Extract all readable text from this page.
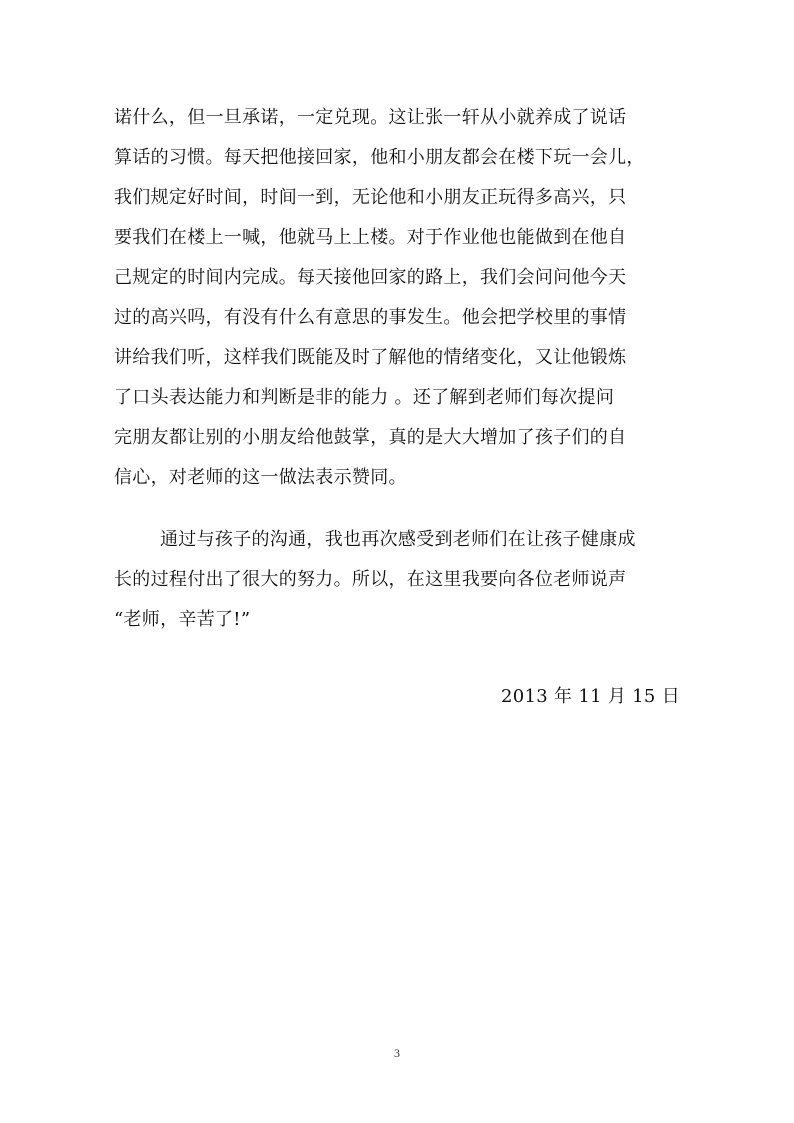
诺什么，但一旦承诺，一定兑现。这让张一轩从小就养成了说话
算话的习惯。每天把他接回家，他和小朋友都会在楼下玩一会儿，
我们规定好时间，时间一到，无论他和小朋友正玩得多高兴，只
要我们在楼上一喊，他就马上上楼。对于作业他也能做到在他自
己规定的时间内完成。每天接他回家的路上，我们会问问他今天
过的高兴吗，有没有什么有意思的事发生。他会把学校里的事情
讲给我们听，这样我们既能及时了解他的情绪变化，又让他锻炼
了口头表达能力和判断是非的能力 。还了解到老师们每次提问
完朋友都让别的小朋友给他鼓掌，真的是大大增加了孩子们的自
信心，对老师的这一做法表示赞同。
通过与孩子的沟通，我也再次感受到老师们在让孩子健康成
长的过程付出了很大的努力。所以，在这里我要向各位老师说声
“老师，辛苦了!”
2013 年 11 月 15 日
3
